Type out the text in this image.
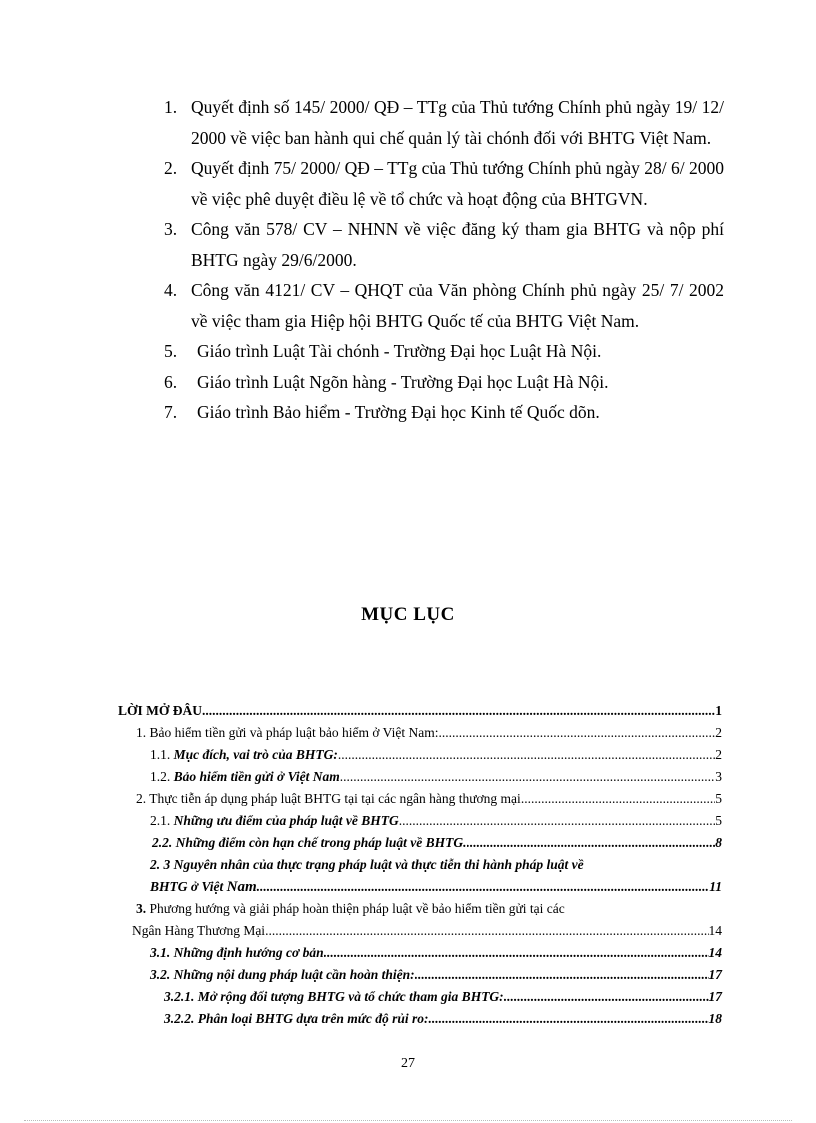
1. Quyết định số 145/ 2000/ QĐ – TTg của Thủ tướng Chính phủ ngày 19/ 12/ 2000 về việc ban hành qui chế quản lý tài chónh đối với BHTG Việt Nam.
2. Quyết định 75/ 2000/ QĐ – TTg của Thủ tướng Chính phủ ngày 28/ 6/ 2000 về việc phê duyệt điều lệ về tổ chức và hoạt động của BHTGVN.
3. Công văn 578/ CV – NHNN về việc đăng ký tham gia BHTG và nộp phí BHTG ngày 29/6/2000.
4. Công văn 4121/ CV – QHQT của Văn phòng Chính phủ ngày 25/ 7/ 2002 về việc tham gia Hiệp hội BHTG Quốc tế của BHTG Việt Nam.
5. Giáo trình Luật Tài chónh - Trường Đại học Luật Hà Nội.
6. Giáo trình Luật Ngõn hàng - Trường Đại học Luật Hà Nội.
7. Giáo trình Bảo hiểm - Trường Đại học Kinh tế Quốc dõn.
MỤC LỤC
LỜI MỞ ĐÂU .....	1
1. Bảo hiểm tiền gửi và pháp luật bảo hiểm ở Việt Nam: .....	2
1.1. Mục đích, vai trò của BHTG: .....	2
1.2. Bảo hiểm tiền gửi ở Việt Nam .....	3
2. Thực tiễn áp dụng pháp luật BHTG tại tại các ngân hàng thương mại .....	5
2.1. Những ưu điểm của pháp luật về BHTG .....	5
2.2. Những điểm còn hạn chế trong pháp luật về BHTG. .....	8
2. 3 Nguyên nhân của thực trạng pháp luật và thực tiễn thi hành pháp luật về
BHTG ở Việt Nam. .....	11
3. Phương hướng và giải pháp hoàn thiện pháp luật về bảo hiểm tiền gửi tại các
Ngân Hàng Thương Mại .....	14
3.1. Những định hướng cơ bản .....	14
3.2. Những nội dung pháp luật cần hoàn thiện: .....	17
3.2.1. Mở rộng đối tượng BHTG và tổ chức tham gia BHTG: .....	17
3.2.2. Phân loại BHTG dựa trên mức độ rủi ro: .....	18
27
